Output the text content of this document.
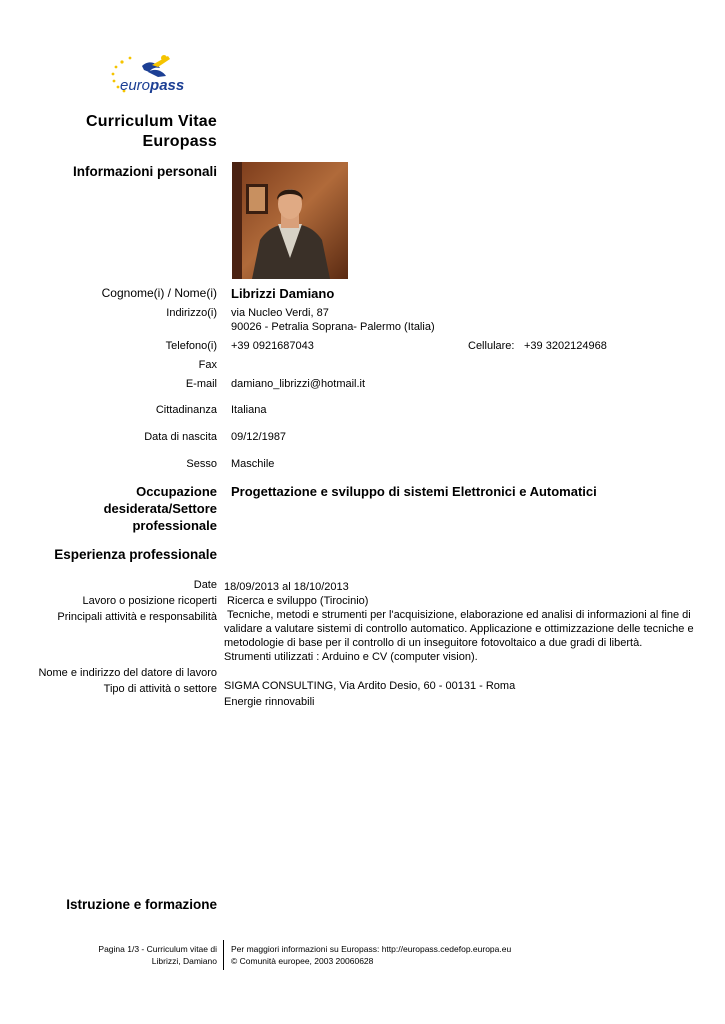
europass
Curriculum Vitae
Europass
Informazioni personali
Cognome(i) / Nome(i) Librizzi Damiano
Indirizzo(i) via Nucleo Verdi, 87
90026 - Petralia Soprana- Palermo (Italia)
Telefono(i) +39 0921687043	Cellulare: +39 3202124968
Fax
E-mail damiano_librizzi@hotmail.it
Cittadinanza Italiana
Data di nascita 09/12/1987
Sesso Maschile
Occupazione
desiderata/Settore
professionale
Progettazione e sviluppo di sistemi Elettronici e Automatici
Esperienza professionale
Date 18/09/2013 al 18/10/2013
Lavoro o posizione ricoperti Ricerca e sviluppo (Tirocinio)
Principali attività e responsabilità Tecniche, metodi e strumenti per l'acquisizione, elaborazione ed analisi di informazioni al fine di
validare a valutare sistemi di controllo automatico. Applicazione e ottimizzazione delle tecniche e
metodologie di base per il controllo di un inseguitore fotovoltaico a due gradi di libertà.
Strumenti utilizzati : Arduino e CV (computer vision).
Nome e indirizzo del datore di lavoro
Tipo di attività o settore SIGMA CONSULTING, Via Ardito Desio, 60 - 00131 - Roma
Energie rinnovabili
Istruzione e formazione
Pagina 1/3 - Curriculum vitae di
Librizzi, Damiano
Per maggiori informazioni su Europass: http://europass.cedefop.europa.eu
© Comunità europee, 2003 20060628
